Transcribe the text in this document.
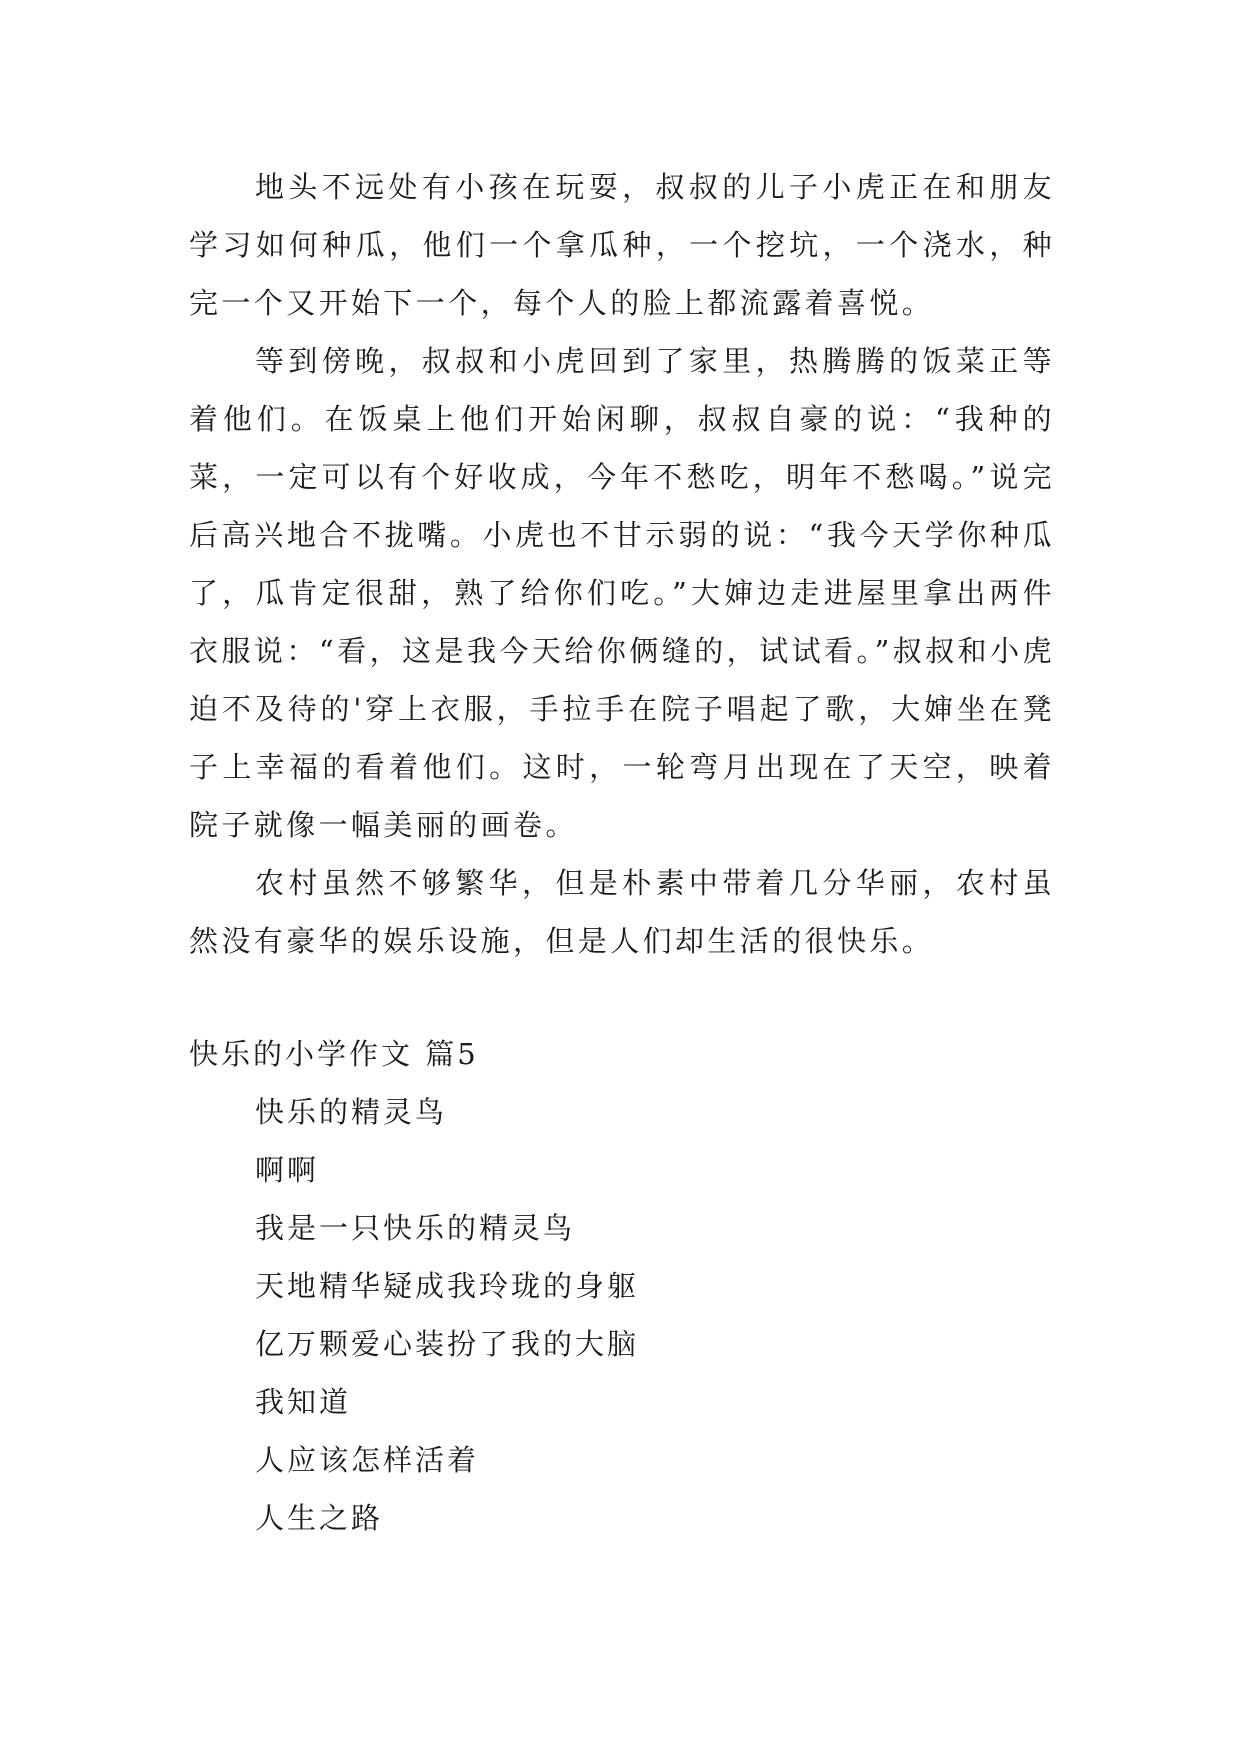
地头不远处有小孩在玩耍，叔叔的儿子小虎正在和朋友学习如何种瓜，他们一个拿瓜种，一个挖坑，一个浇水，种完一个又开始下一个，每个人的脸上都流露着喜悦。

等到傍晚，叔叔和小虎回到了家里，热腾腾的饭菜正等着他们。在饭桌上他们开始闲聊，叔叔自豪的说：“我种的菜，一定可以有个好收成，今年不愁吃，明年不愁喝。”说完后高兴地合不拢嘴。小虎也不甘示弱的说：“我今天学你种瓜了，瓜肯定很甜，熟了给你们吃。”大婶边走进屋里拿出两件衣服说：“看，这是我今天给你俩缝的，试试看。”叔叔和小虎迫不及待的'穿上衣服，手拉手在院子唱起了歌，大婶坐在凳子上幸福的看着他们。这时，一轮弯月出现在了天空，映着院子就像一幅美丽的画卷。

农村虽然不够繁华，但是朴素中带着几分华丽，农村虽然没有豪华的娱乐设施，但是人们却生活的很快乐。

快乐的小学作文 篇5
快乐的精灵鸟
啊啊
我是一只快乐的精灵鸟
天地精华疑成我玲珑的身躯
亿万颗爱心装扮了我的大脑
我知道
人应该怎样活着
人生之路
